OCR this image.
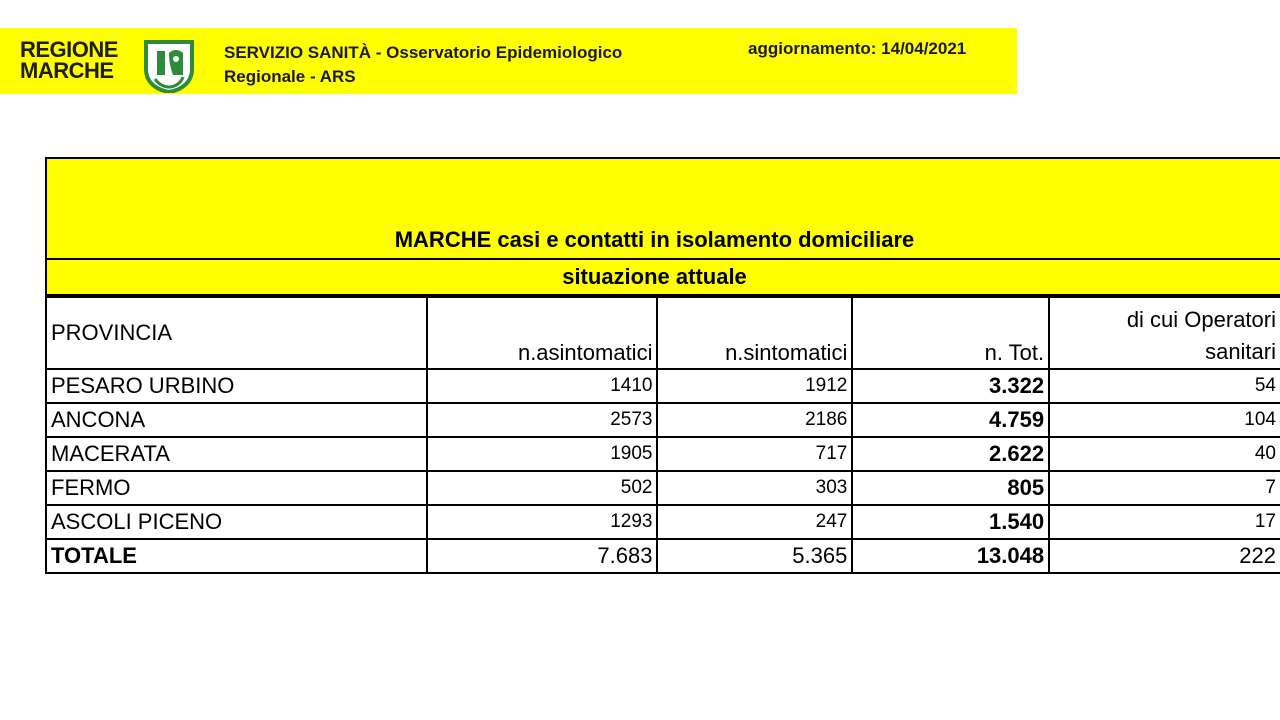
REGIONE
MARCHE
SERVIZIO SANITÀ - Osservatorio Epidemiologico
Regionale - ARS
aggiornamento: 14/04/2021
MARCHE casi e contatti in isolamento domiciliare
situazione attuale
PROVINCIA	n.asintomatici	n.sintomatici	n. Tot.	di cui Operatori
sanitari

PESARO URBINO	1410	1912	3.322	54
ANCONA	2573	2186	4.759	104
MACERATA	1905	717	2.622	40
FERMO	502	303	805	7
ASCOLI PICENO	1293	247	1.540	17
TOTALE	7.683	5.365	13.048	222
